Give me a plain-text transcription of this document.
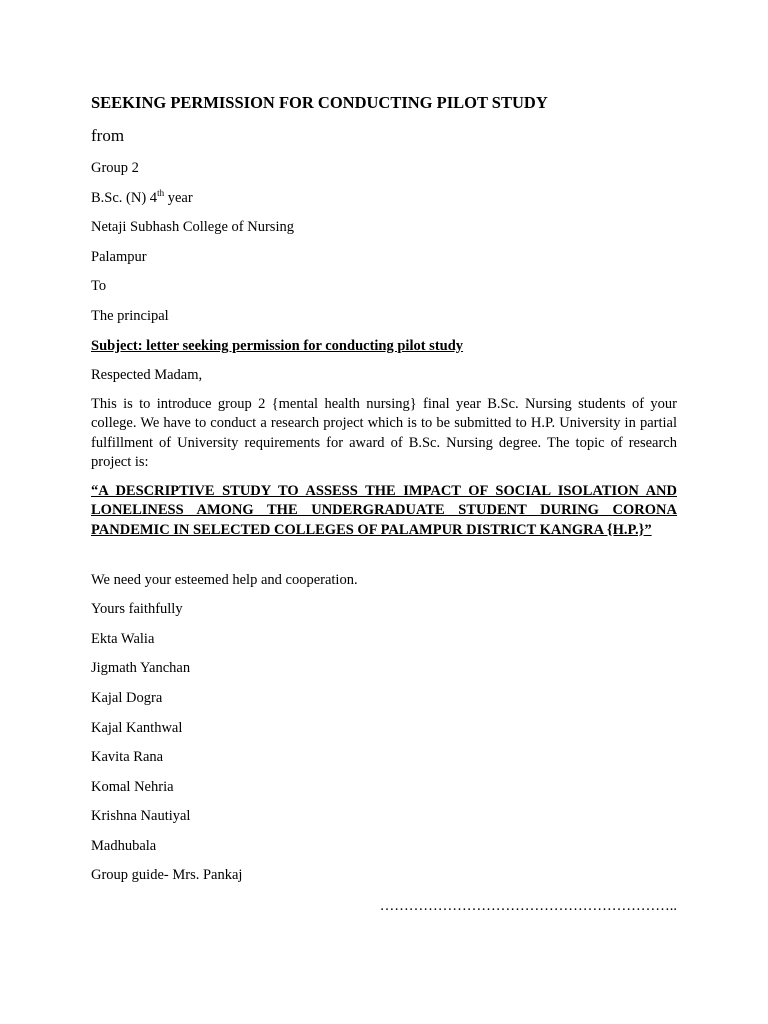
SEEKING PERMISSION FOR CONDUCTING PILOT STUDY
from
Group 2
B.Sc. (N) 4th year
Netaji Subhash College of Nursing
Palampur
To
The principal
Subject: letter seeking permission for conducting pilot study
Respected Madam,
This is to introduce group 2 {mental health nursing} final year B.Sc. Nursing students of your college. We have to conduct a research project which is to be submitted to H.P. University in partial fulfillment of University requirements for award of B.Sc. Nursing degree. The topic of research project is:
“A DESCRIPTIVE STUDY TO ASSESS THE IMPACT OF SOCIAL ISOLATION AND LONELINESS AMONG THE UNDERGRADUATE STUDENT DURING CORONA PANDEMIC IN SELECTED COLLEGES OF PALAMPUR DISTRICT KANGRA {H.P.}”
We need your esteemed help and cooperation.
Yours faithfully
Ekta Walia
Jigmath Yanchan
Kajal Dogra
Kajal Kanthwal
Kavita Rana
Komal Nehria
Krishna Nautiyal
Madhubala
Group guide- Mrs. Pankaj
……………………………………………………..
